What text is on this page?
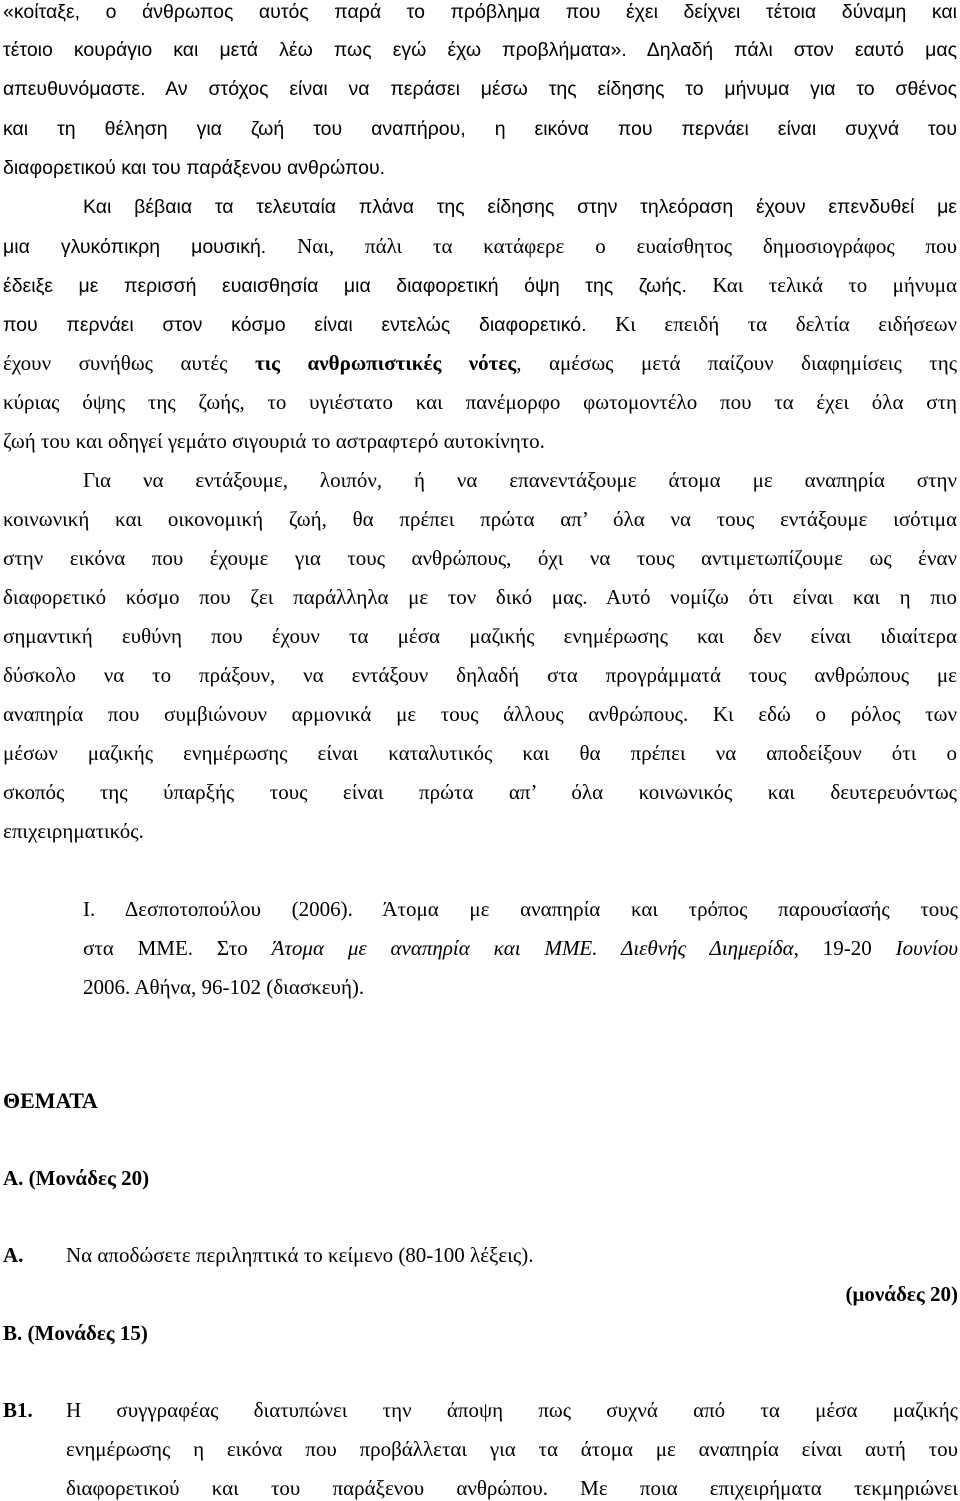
«κοίταξε, ο άνθρωπος αυτός παρά το πρόβλημα που έχει δείχνει τέτοια δύναμη και
τέτοιο κουράγιο και μετά λέω πως εγώ έχω προβλήματα». Δηλαδή πάλι στον εαυτό μας
απευθυνόμαστε. Αν στόχος είναι να περάσει μέσω της είδησης το μήνυμα για το σθένος
και τη θέληση για ζωή του αναπήρου, η εικόνα που περνάει είναι συχνά του
διαφορετικού και του παράξενου ανθρώπου.
Και βέβαια τα τελευταία πλάνα της είδησης στην τηλεόραση έχουν επενδυθεί με
μια γλυκόπικρη μουσική. Ναι, πάλι τα κατάφερε ο ευαίσθητος δημοσιογράφος που
έδειξε με περισσή ευαισθησία μια διαφορετική όψη της ζωής. Και τελικά το μήνυμα
που περνάει στον κόσμο είναι εντελώς διαφορετικό. Κι επειδή τα δελτία ειδήσεων
έχουν συνήθως αυτές τις ανθρωπιστικές νότες, αμέσως μετά παίζουν διαφημίσεις της
κύριας όψης της ζωής, το υγιέστατο και πανέμορφο φωτομοντέλο που τα έχει όλα στη
ζωή του και οδηγεί γεμάτο σιγουριά το αστραφτερό αυτοκίνητο.
Για να εντάξουμε, λοιπόν, ή να επανεντάξουμε άτομα με αναπηρία στην
κοινωνική και οικονομική ζωή, θα πρέπει πρώτα απ’ όλα να τους εντάξουμε ισότιμα
στην εικόνα που έχουμε για τους ανθρώπους, όχι να τους αντιμετωπίζουμε ως έναν
διαφορετικό κόσμο που ζει παράλληλα με τον δικό μας. Αυτό νομίζω ότι είναι και η πιο
σημαντική ευθύνη που έχουν τα μέσα μαζικής ενημέρωσης και δεν είναι ιδιαίτερα
δύσκολο να το πράξουν, να εντάξουν δηλαδή στα προγράμματά τους ανθρώπους με
αναπηρία που συμβιώνουν αρμονικά με τους άλλους ανθρώπους. Κι εδώ ο ρόλος των
μέσων μαζικής ενημέρωσης είναι καταλυτικός και θα πρέπει να αποδείξουν ότι ο
σκοπός της ύπαρξής τους είναι πρώτα απ’ όλα κοινωνικός και δευτερευόντως
επιχειρηματικός.
Ι. Δεσποτοπούλου (2006). Άτομα με αναπηρία και τρόπος παρουσίασής τους
στα ΜΜΕ. Στο Άτομα με αναπηρία και ΜΜΕ. Διεθνής Διημερίδα, 19-20 Ιουνίου
2006. Αθήνα, 96-102 (διασκευή).
ΘΕΜΑΤΑ
Α. (Μονάδες 20)
Α. Να αποδώσετε περιληπτικά το κείμενο (80-100 λέξεις).
(μονάδες 20)
Β. (Μονάδες 15)
Β1. Η συγγραφέας διατυπώνει την άποψη πως συχνά από τα μέσα μαζικής
ενημέρωσης η εικόνα που προβάλλεται για τα άτομα με αναπηρία είναι αυτή του
διαφορετικού και του παράξενου ανθρώπου. Με ποια επιχειρήματα τεκμηριώνει
